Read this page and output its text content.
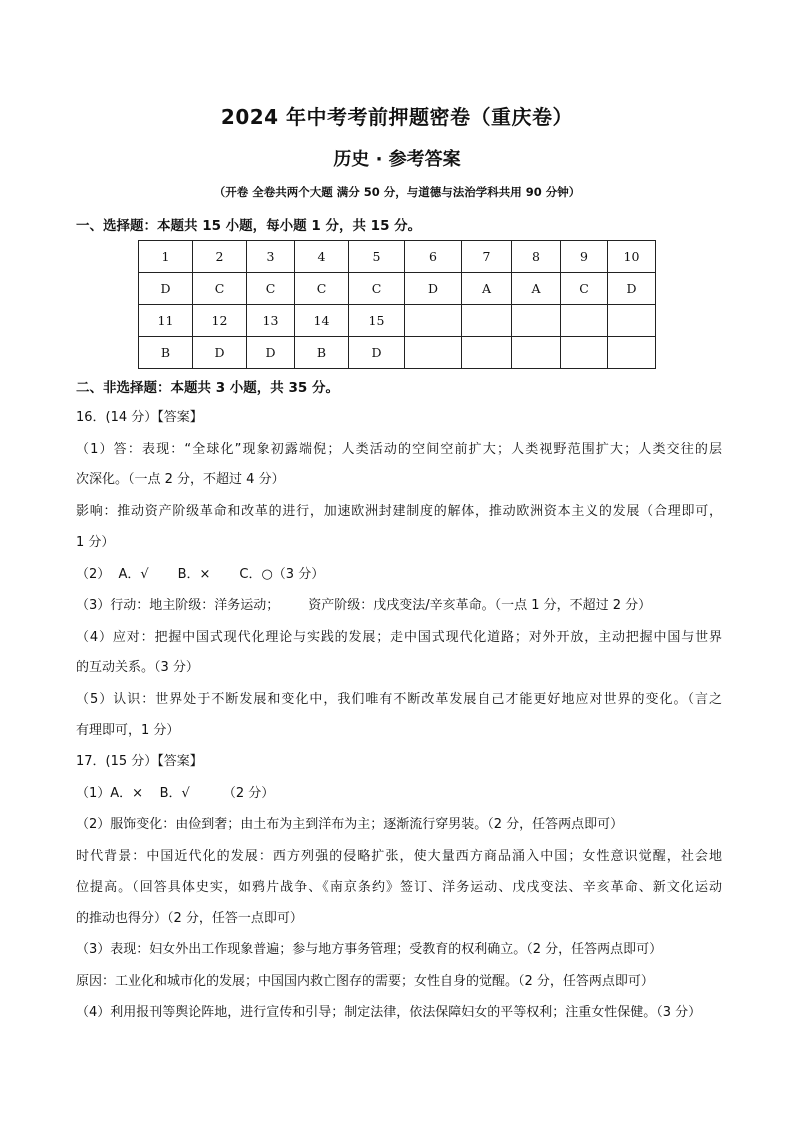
2024 年中考考前押题密卷（重庆卷）
历史 · 参考答案
（开卷 全卷共两个大题 满分 50 分，与道德与法治学科共用 90 分钟）
一、选择题：本题共 15 小题，每小题 1 分，共 15 分。
1	2	3	4	5	6	7	8	9	10
D	C	C	C	C	D	A	A	C	D
11	12	13	14	15					
B	D	D	B	D					
二、非选择题：本题共 3 小题，共 35 分。
16．(14 分）【答案】
（1）答：表现：“全球化”现象初露端倪；人类活动的空间空前扩大；人类视野范围扩大；人类交往的层
次深化。（一点 2 分，不超过 4 分）
影响：推动资产阶级革命和改革的进行，加速欧洲封建制度的解体，推动欧洲资本主义的发展（合理即可，
1 分）
（2）  A．√       B．×       C．○（3 分）
（3）行动：地主阶级：洋务运动；       资产阶级：戊戌变法/辛亥革命。（一点 1 分，不超过 2 分）
（4）应对：把握中国式现代化理论与实践的发展；走中国式现代化道路；对外开放，主动把握中国与世界
的互动关系。（3 分）
（5）认识：世界处于不断发展和变化中，我们唯有不断改革发展自己才能更好地应对世界的变化。（言之
有理即可，1 分）
17．(15 分）【答案】
（1）A．×    B．√        （2 分）
（2）服饰变化：由俭到奢；由土布为主到洋布为主；逐渐流行穿男装。（2 分，任答两点即可）
时代背景：中国近代化的发展：西方列强的侵略扩张，使大量西方商品涌入中国；女性意识觉醒，社会地
位提高。（回答具体史实，如鸦片战争、《南京条约》签订、洋务运动、戊戌变法、辛亥革命、新文化运动
的推动也得分）（2 分，任答一点即可）
（3）表现：妇女外出工作现象普遍；参与地方事务管理；受教育的权利确立。（2 分，任答两点即可）
原因：工业化和城市化的发展；中国国内救亡图存的需要；女性自身的觉醒。（2 分，任答两点即可）
（4）利用报刊等舆论阵地，进行宣传和引导；制定法律，依法保障妇女的平等权利；注重女性保健。（3 分）
